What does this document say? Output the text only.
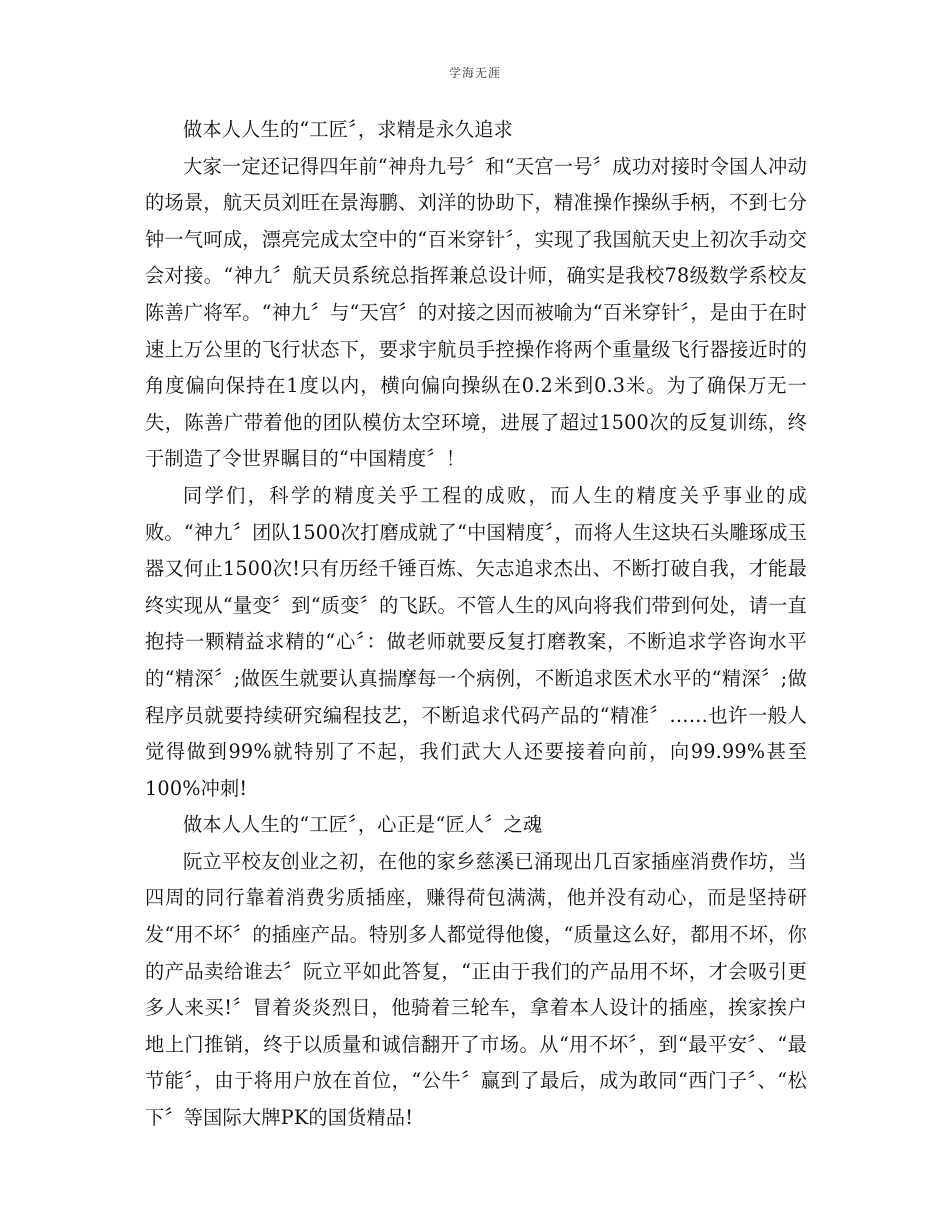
学海无涯

做本人人生的“工匠〞，求精是永久追求

大家一定还记得四年前“神舟九号〞和“天宫一号〞成功对接时令国人冲动的场景，航天员刘旺在景海鹏、刘洋的协助下，精准操作操纵手柄，不到七分钟一气呵成，漂亮完成太空中的“百米穿针〞，实现了我国航天史上初次手动交会对接。“神九〞航天员系统总指挥兼总设计师，确实是我校78级数学系校友陈善广将军。“神九〞与“天宫〞的对接之因而被喻为“百米穿针〞，是由于在时速上万公里的飞行状态下，要求宇航员手控操作将两个重量级飞行器接近时的角度偏向保持在1度以内，横向偏向操纵在0.2米到0.3米。为了确保万无一失，陈善广带着他的团队模仿太空环境，进展了超过1500次的反复训练，终于制造了令世界瞩目的“中国精度〞！

同学们，科学的精度关乎工程的成败，而人生的精度关乎事业的成败。“神九〞团队1500次打磨成就了“中国精度〞，而将人生这块石头雕琢成玉器又何止1500次!只有历经千锤百炼、矢志追求杰出、不断打破自我，才能最终实现从“量变〞到“质变〞的飞跃。不管人生的风向将我们带到何处，请一直抱持一颗精益求精的“心〞：做老师就要反复打磨教案，不断追求学咨询水平的“精深〞;做医生就要认真揣摩每一个病例，不断追求医术水平的“精深〞;做程序员就要持续研究编程技艺，不断追求代码产品的“精准〞……也许一般人觉得做到99%就特别了不起，我们武大人还要接着向前，向99.99%甚至100%冲刺!

做本人人生的“工匠〞，心正是“匠人〞之魂

阮立平校友创业之初，在他的家乡慈溪已涌现出几百家插座消费作坊，当四周的同行靠着消费劣质插座，赚得荷包满满，他并没有动心，而是坚持研发“用不坏〞的插座产品。特别多人都觉得他傻，“质量这么好，都用不坏，你的产品卖给谁去〞阮立平如此答复，“正由于我们的产品用不坏，才会吸引更多人来买!〞冒着炎炎烈日，他骑着三轮车，拿着本人设计的插座，挨家挨户地上门推销，终于以质量和诚信翻开了市场。从“用不坏〞，到“最平安〞、“最节能〞，由于将用户放在首位，“公牛〞赢到了最后，成为敢同“西门子〞、“松下〞等国际大牌PK的国货精品!
